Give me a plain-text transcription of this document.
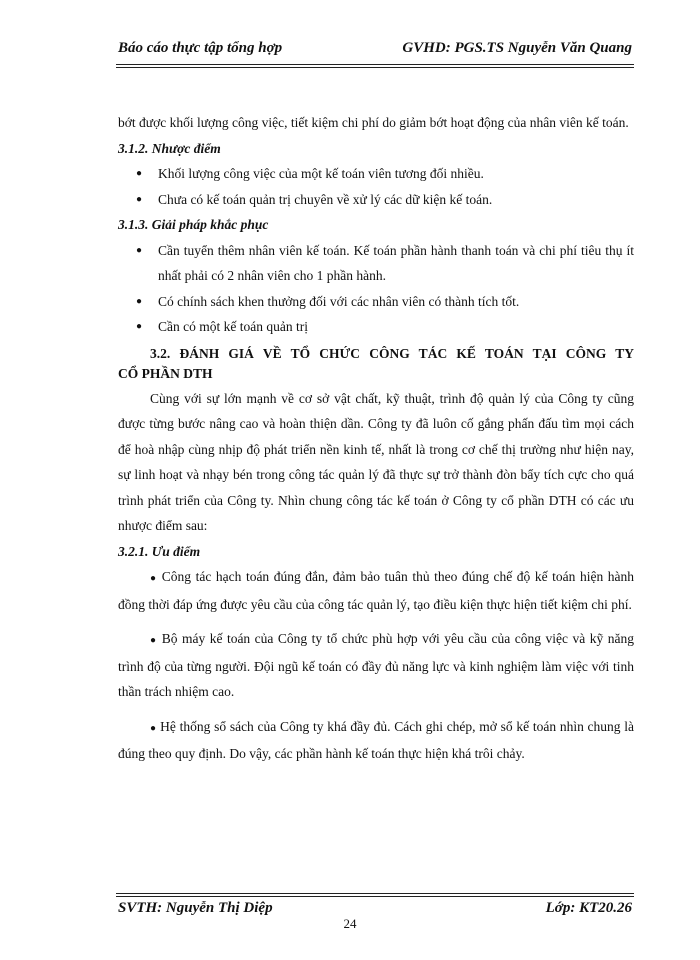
Báo cáo thực tập tổng hợp	GVHD: PGS.TS Nguyễn Văn Quang

bớt được khối lượng công việc, tiết kiệm chi phí do giảm bớt hoạt động của nhân viên kế toán.

3.1.2. Nhược điểm

● Khối lượng công việc của một kế toán viên tương đối nhiều.
● Chưa có kế toán quản trị chuyên về xử lý các dữ kiện kế toán.

3.1.3. Giải pháp khắc phục

● Cần tuyển thêm nhân viên kế toán. Kế toán phần hành thanh toán và chi phí tiêu thụ ít nhất phải có 2 nhân viên cho 1 phần hành.
● Có chính sách khen thưởng đối với các nhân viên có thành tích tốt.
● Cần có một kế toán quản trị

3.2. ĐÁNH GIÁ VỀ TỔ CHỨC CÔNG TÁC KẾ TOÁN TẠI CÔNG TY
CỔ PHẦN DTH

Cùng với sự lớn mạnh về cơ sở vật chất, kỹ thuật, trình độ quản lý của Công ty cũng được từng bước nâng cao và hoàn thiện dần. Công ty đã luôn cố gắng phấn đấu tìm mọi cách để hoà nhập cùng nhịp độ phát triển nền kinh tế, nhất là trong cơ chế thị trường như hiện nay, sự linh hoạt và nhạy bén trong công tác quản lý đã thực sự trở thành đòn bẩy tích cực cho quá trình phát triển của Công ty. Nhìn chung công tác kế toán ở Công ty cổ phần DTH có các ưu nhược điểm sau:

3.2.1. Ưu điểm

● Công tác hạch toán đúng đắn, đảm bảo tuân thủ theo đúng chế độ kế toán hiện hành đồng thời đáp ứng được yêu cầu của công tác quản lý, tạo điều kiện thực hiện tiết kiệm chi phí.

● Bộ máy kế toán của Công ty tổ chức phù hợp với yêu cầu của công việc và kỹ năng trình độ của từng người. Đội ngũ kế toán có đầy đủ năng lực và kinh nghiệm làm việc với tinh thần trách nhiệm cao.

● Hệ thống sổ sách của Công ty khá đầy đủ. Cách ghi chép, mở sổ kế toán nhìn chung là đúng theo quy định. Do vậy, các phần hành kế toán thực hiện khá trôi chảy.

SVTH: Nguyễn Thị Diệp	Lớp: KT20.26
24
